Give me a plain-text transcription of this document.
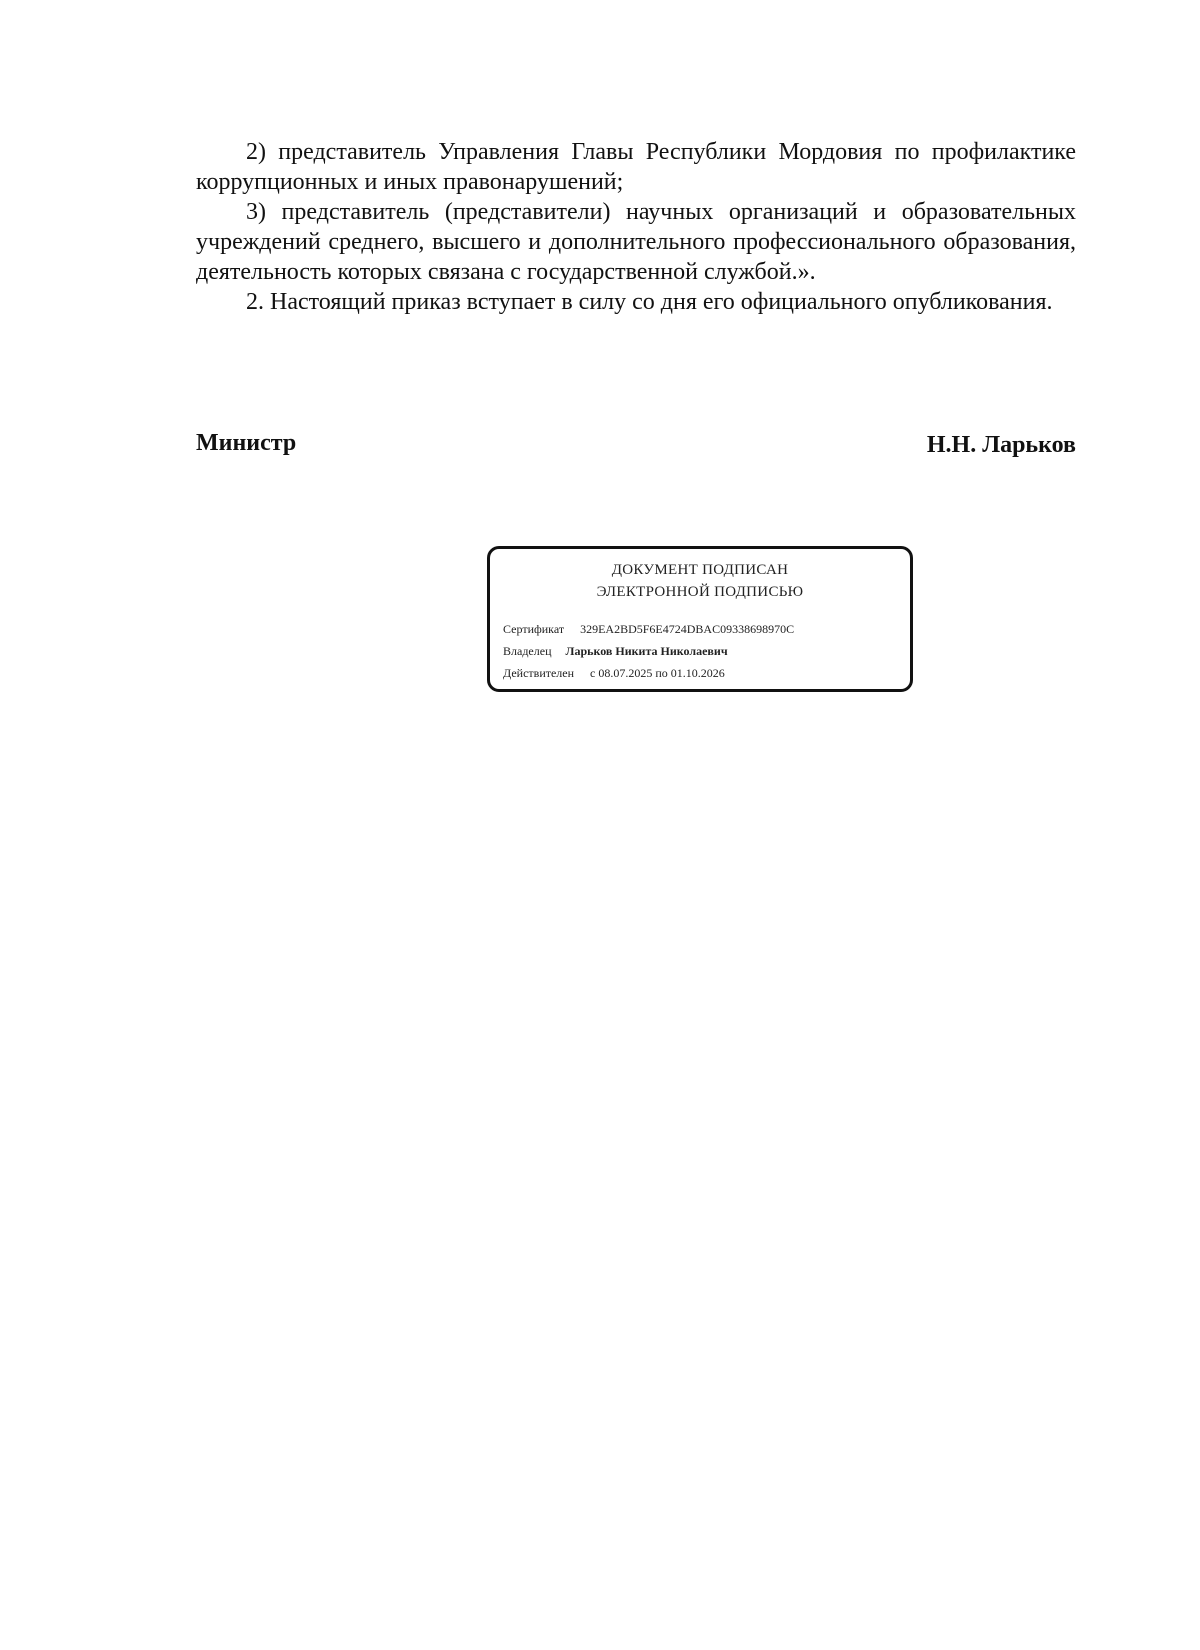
2) представитель Управления Главы Республики Мордовия по профилактике коррупционных и иных правонарушений;

3) представитель (представители) научных организаций и образовательных учреждений среднего, высшего и дополнительного профессионального образования, деятельность которых связана с государственной службой.».

2. Настоящий приказ вступает в силу со дня его официального опубликования.

Министр	Н.Н. Ларьков
ДОКУМЕНТ ПОДПИСАН
ЭЛЕКТРОННОЙ ПОДПИСЬЮ
Сертификат 329EA2BD5F6E4724DBAC09338698970C
Владелец Ларьков Никита Николаевич
Действителен с 08.07.2025 по 01.10.2026
